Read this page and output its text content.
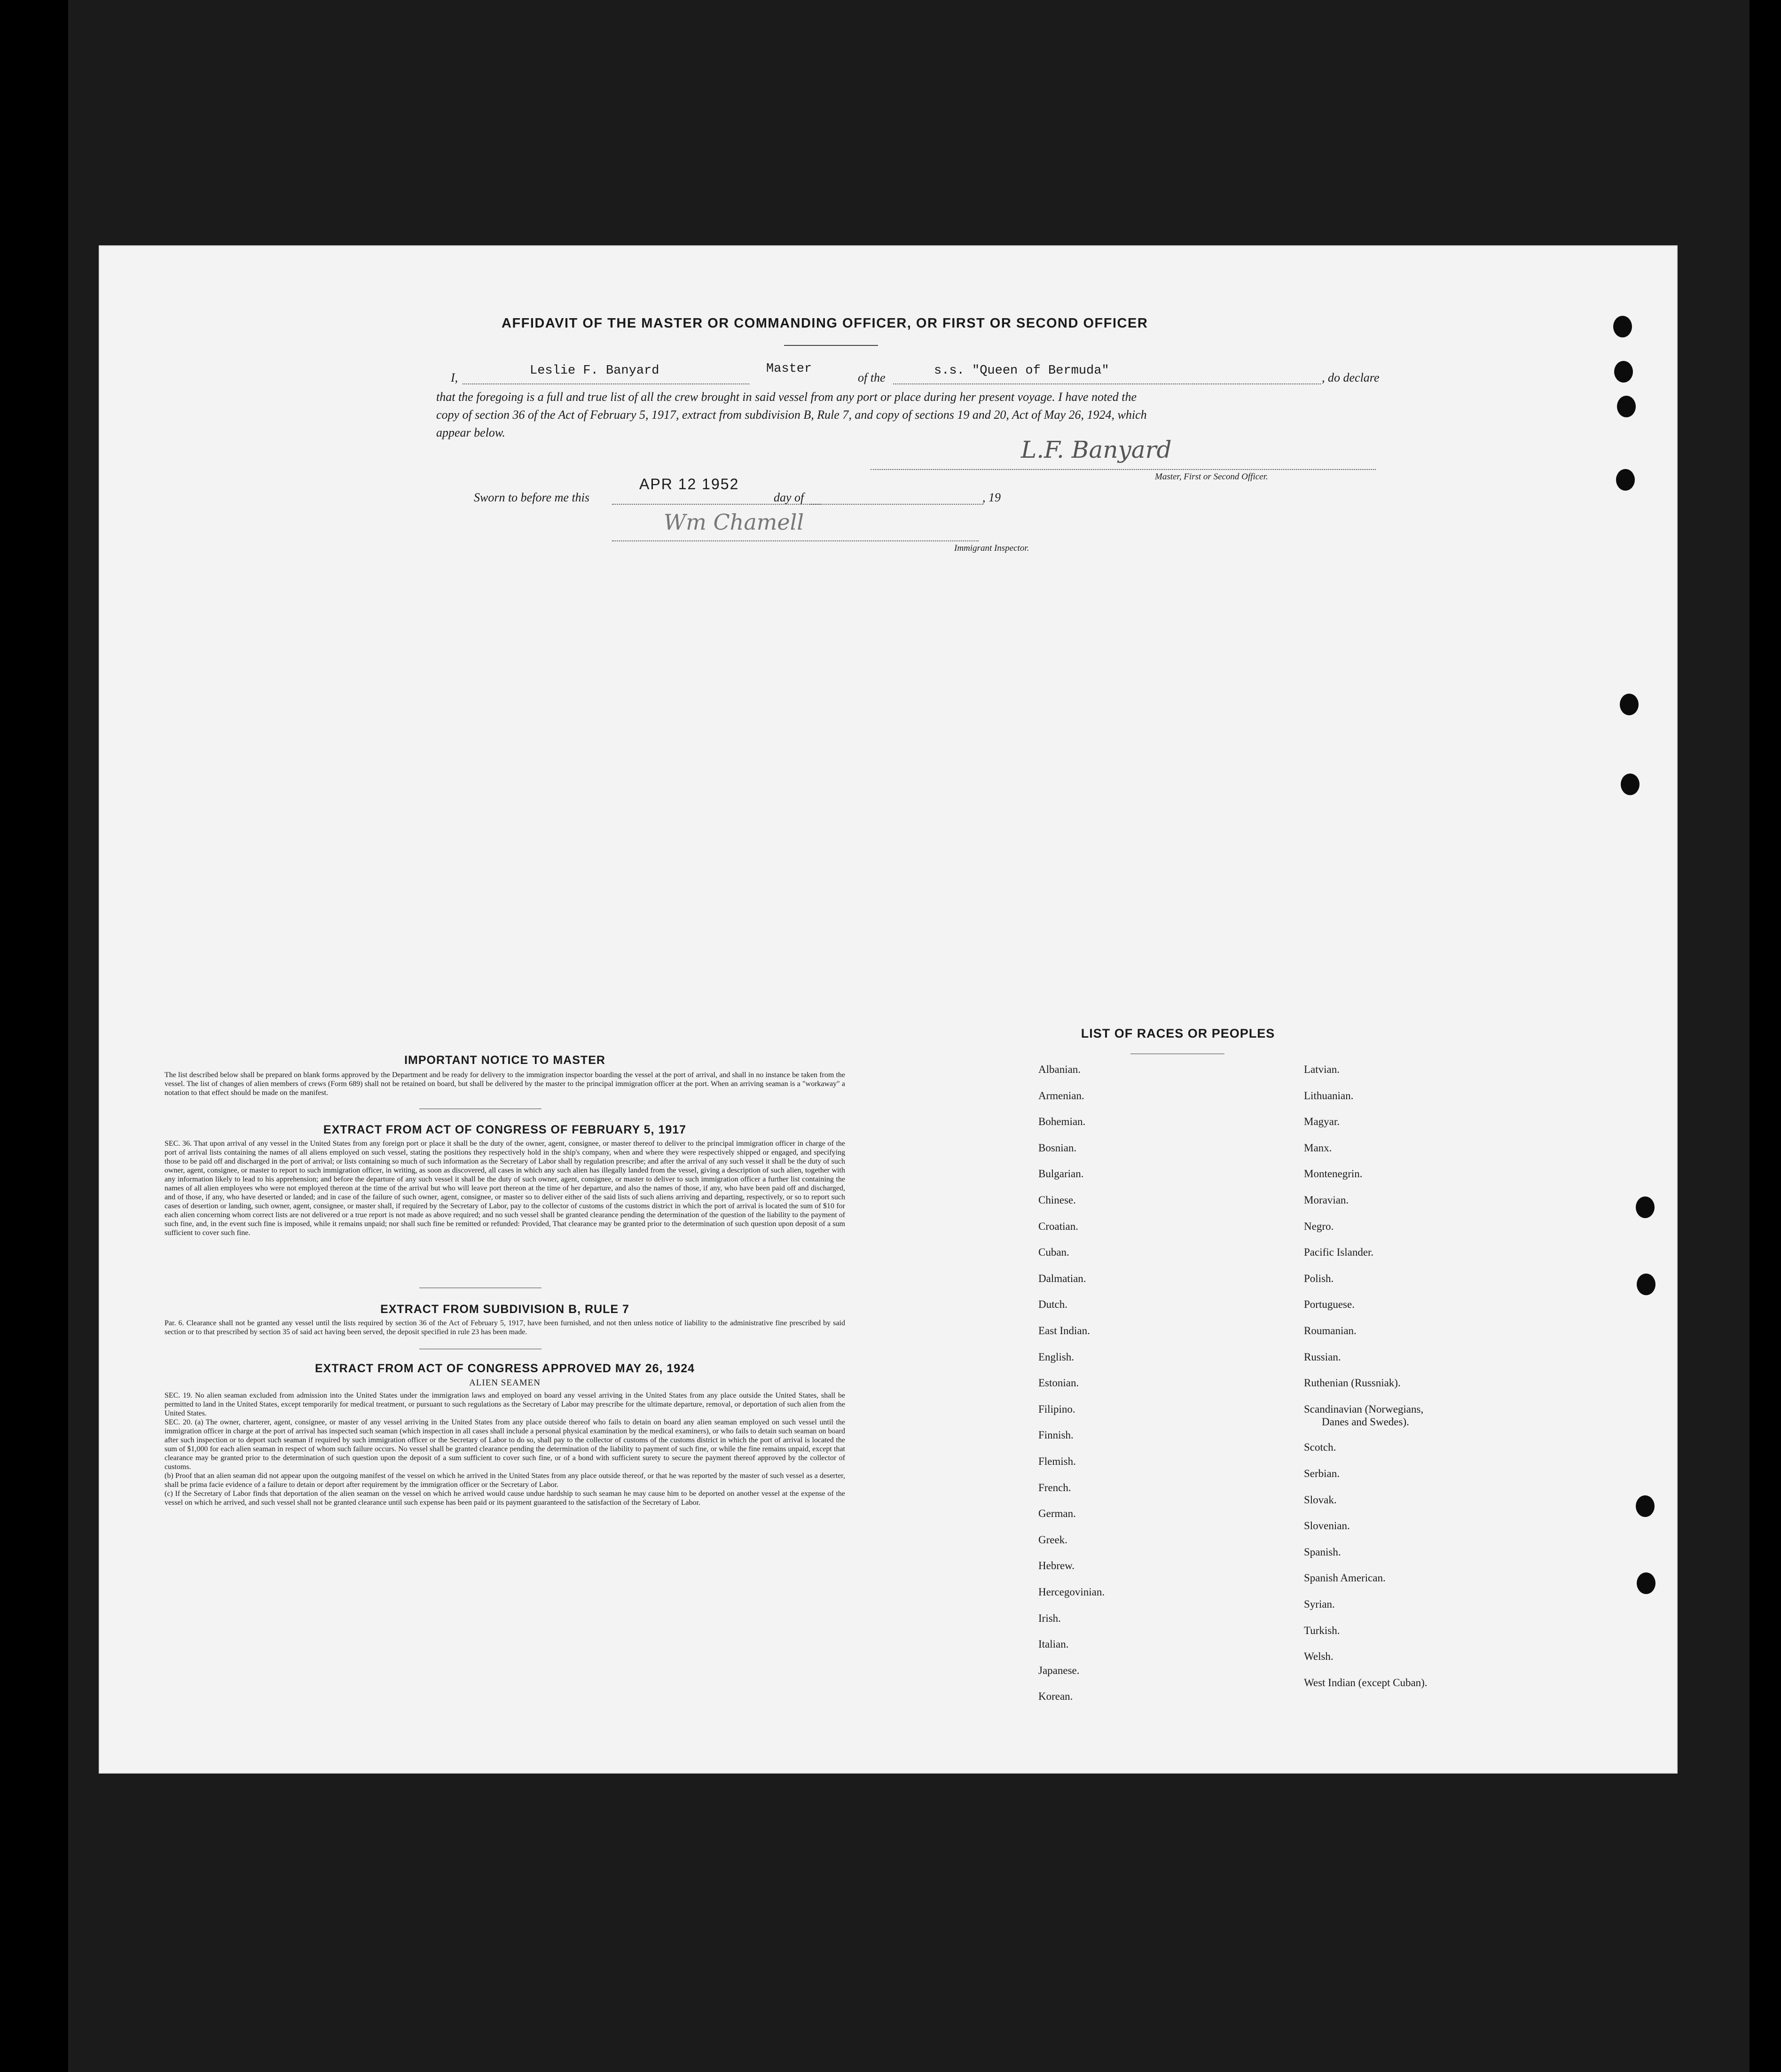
AFFIDAVIT OF THE MASTER OR COMMANDING OFFICER, OR FIRST OR SECOND OFFICER
I,	Leslie F. Banyard	Master
of the	s.s. "Queen of Bermuda"	, do declare
that the foregoing is a full and true list of all the crew brought in said vessel from any port or place during her present voyage. I have noted the
copy of section 36 of the Act of February 5, 1917, extract from subdivision B, Rule 7, and copy of sections 19 and 20, Act of May 26, 1924, which
appear below.
L.F. Banyard
Master, First or Second Officer.
Sworn to before me this
APR 12 1952
day of	, 19
Wm Chamell
Immigrant Inspector.
IMPORTANT NOTICE TO MASTER
The list described below shall be prepared on blank forms approved by the Department and be ready for delivery to the immigration inspector boarding the vessel at the port of arrival, and shall in no instance be taken from the vessel. The list of changes of alien members of crews (Form 689) shall not be retained on board, but shall be delivered by the master to the principal immigration officer at the port. When an arriving seaman is a "workaway" a notation to that effect should be made on the manifest.
EXTRACT FROM ACT OF CONGRESS OF FEBRUARY 5, 1917
SEC. 36. That upon arrival of any vessel in the United States from any foreign port or place it shall be the duty of the owner, agent, consignee, or master thereof to deliver to the principal immigration officer in charge of the port of arrival lists containing the names of all aliens employed on such vessel, stating the positions they respectively hold in the ship's company, when and where they were respectively shipped or engaged, and specifying those to be paid off and discharged in the port of arrival; or lists containing so much of such information as the Secretary of Labor shall by regulation prescribe; and after the arrival of any such vessel it shall be the duty of such owner, agent, consignee, or master to report to such immigration officer, in writing, as soon as discovered, all cases in which any such alien has illegally landed from the vessel, giving a description of such alien, together with any information likely to lead to his apprehension; and before the departure of any such vessel it shall be the duty of such owner, agent, consignee, or master to deliver to such immigration officer a further list containing the names of all alien employees who were not employed thereon at the time of the arrival but who will leave port thereon at the time of her departure, and also the names of those, if any, who have been paid off and discharged, and of those, if any, who have deserted or landed; and in case of the failure of such owner, agent, consignee, or master so to deliver either of the said lists of such aliens arriving and departing, respectively, or so to report such cases of desertion or landing, such owner, agent, consignee, or master shall, if required by the Secretary of Labor, pay to the collector of customs of the customs district in which the port of arrival is located the sum of $10 for each alien concerning whom correct lists are not delivered or a true report is not made as above required; and no such vessel shall be granted clearance pending the determination of the question of the liability to the payment of such fine, and, in the event such fine is imposed, while it remains unpaid; nor shall such fine be remitted or refunded: Provided, That clearance may be granted prior to the determination of such question upon deposit of a sum sufficient to cover such fine.
EXTRACT FROM SUBDIVISION B, RULE 7
Par. 6. Clearance shall not be granted any vessel until the lists required by section 36 of the Act of February 5, 1917, have been furnished, and not then unless notice of liability to the administrative fine prescribed by said section or to that prescribed by section 35 of said act having been served, the deposit specified in rule 23 has been made.
EXTRACT FROM ACT OF CONGRESS APPROVED MAY 26, 1924
ALIEN SEAMEN
SEC. 19. No alien seaman excluded from admission into the United States under the immigration laws and employed on board any vessel arriving in the United States from any place outside the United States, shall be permitted to land in the United States, except temporarily for medical treatment, or pursuant to such regulations as the Secretary of Labor may prescribe for the ultimate departure, removal, or deportation of such alien from the United States.
SEC. 20. (a) The owner, charterer, agent, consignee, or master of any vessel arriving in the United States from any place outside thereof who fails to detain on board any alien seaman employed on such vessel until the immigration officer in charge at the port of arrival has inspected such seaman (which inspection in all cases shall include a personal physical examination by the medical examiners), or who fails to detain such seaman on board after such inspection or to deport such seaman if required by such immigration officer or the Secretary of Labor to do so, shall pay to the collector of customs of the customs district in which the port of arrival is located the sum of $1,000 for each alien seaman in respect of whom such failure occurs. No vessel shall be granted clearance pending the determination of the liability to payment of such fine, or while the fine remains unpaid, except that clearance may be granted prior to the determination of such question upon the deposit of a sum sufficient to cover such fine, or of a bond with sufficient surety to secure the payment thereof approved by the collector of customs.
(b) Proof that an alien seaman did not appear upon the outgoing manifest of the vessel on which he arrived in the United States from any place outside thereof, or that he was reported by the master of such vessel as a deserter, shall be prima facie evidence of a failure to detain or deport after requirement by the immigration officer or the Secretary of Labor.
(c) If the Secretary of Labor finds that deportation of the alien seaman on the vessel on which he arrived would cause undue hardship to such seaman he may cause him to be deported on another vessel at the expense of the vessel on which he arrived, and such vessel shall not be granted clearance until such expense has been paid or its payment guaranteed to the satisfaction of the Secretary of Labor.
LIST OF RACES OR PEOPLES
Albanian.
Armenian.
Bohemian.
Bosnian.
Bulgarian.
Chinese.
Croatian.
Cuban.
Dalmatian.
Dutch.
East Indian.
English.
Estonian.
Filipino.
Finnish.
Flemish.
French.
German.
Greek.
Hebrew.
Hercegovinian.
Irish.
Italian.
Japanese.
Korean.
Latvian.
Lithuanian.
Magyar.
Manx.
Montenegrin.
Moravian.
Negro.
Pacific Islander.
Polish.
Portuguese.
Roumanian.
Russian.
Ruthenian (Russniak).
Scandinavian (Norwegians,
Danes and Swedes).
Scotch.
Serbian.
Slovak.
Slovenian.
Spanish.
Spanish American.
Syrian.
Turkish.
Welsh.
West Indian (except Cuban).
